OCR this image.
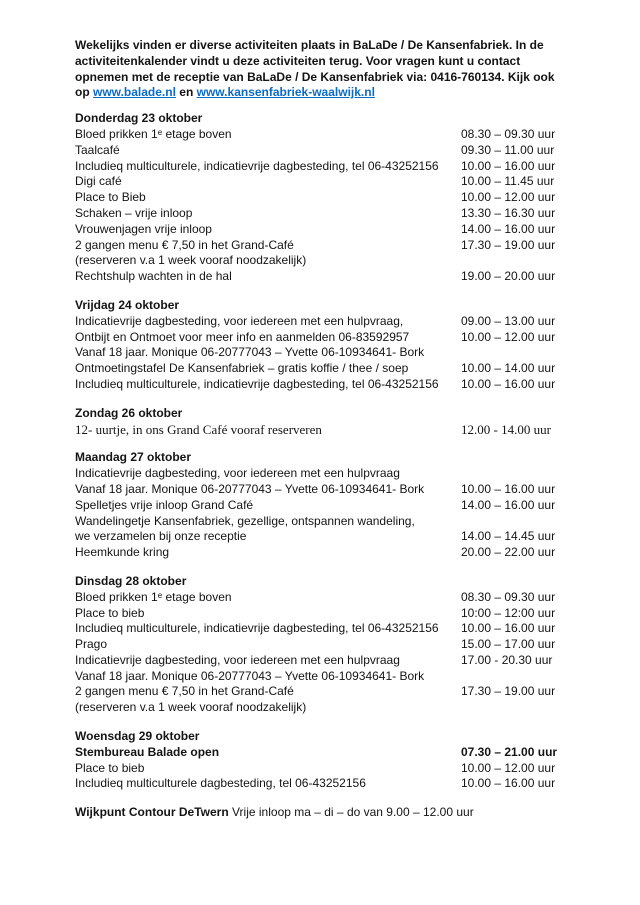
Wekelijks vinden er diverse activiteiten plaats in BaLaDe / De Kansenfabriek. In de activiteitenkalender vindt u deze activiteiten terug. Voor vragen kunt u contact opnemen met de receptie van BaLaDe / De Kansenfabriek via: 0416-760134. Kijk ook op www.balade.nl en www.kansenfabriek-waalwijk.nl

Donderdag 23 oktober
Bloed prikken 1ᵉ etage boven	08.30 – 09.30 uur
Taalcafé	09.30 – 11.00 uur
Includieq multiculturele, indicatievrije dagbesteding, tel 06-43252156	10.00 – 16.00 uur
Digi café	10.00 – 11.45 uur
Place to Bieb	10.00 – 12.00 uur
Schaken – vrije inloop	13.30 – 16.30 uur
Vrouwenjagen vrije inloop	14.00 – 16.00 uur
2 gangen menu € 7,50 in het Grand-Café	17.30 – 19.00 uur
(reserveren v.a 1 week vooraf noodzakelijk)
Rechtshulp wachten in de hal	19.00 – 20.00 uur
Vrijdag 24 oktober
Indicatievrije dagbesteding, voor iedereen met een hulpvraag,	09.00 – 13.00 uur
Ontbijt en Ontmoet voor meer info en aanmelden 06-83592957	10.00 – 12.00 uur
Vanaf 18 jaar. Monique 06-20777043 – Yvette 06-10934641- Bork
Ontmoetingstafel De Kansenfabriek – gratis koffie / thee / soep	10.00 – 14.00 uur
Includieq multiculturele, indicatievrije dagbesteding, tel 06-43252156	10.00 – 16.00 uur
Zondag 26 oktober
12- uurtje, in ons Grand Café vooraf reserveren	12.00 - 14.00 uur
Maandag 27 oktober
Indicatievrije dagbesteding, voor iedereen met een hulpvraag
Vanaf 18 jaar. Monique 06-20777043 – Yvette 06-10934641- Bork	10.00 – 16.00 uur
Spelletjes vrije inloop Grand Café	14.00 – 16.00 uur
Wandelingetje Kansenfabriek, gezellige, ontspannen wandeling,
we verzamelen bij onze receptie	14.00 – 14.45 uur
Heemkunde kring	20.00 – 22.00 uur
Dinsdag 28 oktober
Bloed prikken 1ᵉ etage boven	08.30 – 09.30 uur
Place to bieb	10:00 – 12:00 uur
Includieq multiculturele, indicatievrije dagbesteding, tel 06-43252156	10.00 – 16.00 uur
Prago	15.00 – 17.00 uur
Indicatievrije dagbesteding, voor iedereen met een hulpvraag	17.00 - 20.30 uur
Vanaf 18 jaar. Monique 06-20777043 – Yvette 06-10934641- Bork
2 gangen menu € 7,50 in het Grand-Café	17.30 – 19.00 uur
(reserveren v.a 1 week vooraf noodzakelijk)
Woensdag 29 oktober
Stembureau Balade open	07.30 – 21.00 uur
Place to bieb	10.00 – 12.00 uur
Includieq multiculturele dagbesteding, tel 06-43252156	10.00 – 16.00 uur

Wijkpunt Contour DeTwern Vrije inloop ma – di – do van 9.00 – 12.00 uur
